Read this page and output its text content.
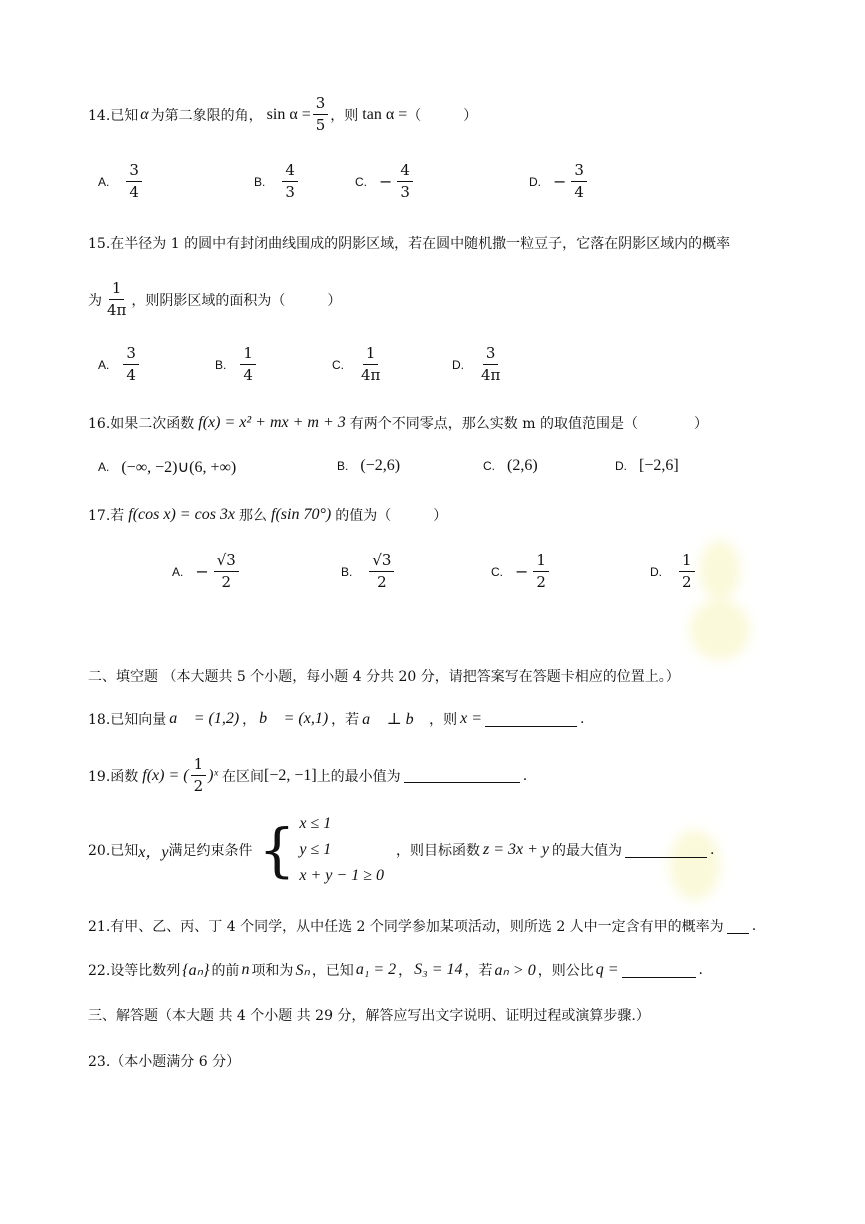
14.已知 α 为第二象限的角， $\sin \alpha = \frac{3}{5}$ ，则 tan α = （　　　）
A. $\frac{3}{4}$	B. $\frac{4}{3}$	C. − $\frac{4}{3}$	D. − $\frac{3}{4}$
15.在半径为 1 的圆中有封闭曲线围成的阴影区域，若在圆中随机撒一粒豆子，它落在阴影区域内的概率
为 $\frac{1}{4\pi}$ ，则阴影区域的面积为（　　　）
A. $\frac{3}{4}$	B. $\frac{1}{4}$	C. $\frac{1}{4\pi}$	D. $\frac{3}{4\pi}$
16.如果二次函数 f(x) = x² + mx + m + 3 有两个不同零点，那么实数 m 的取值范围是（　　　　）
A. (−∞, −2)∪(6, +∞)	B. (−2,6)	C. (2,6)	D. [−2,6]
17.若 f(cos x) = cos 3x 那么 f(sin 70°) 的值为（　　　）
A. − $\frac{√3}{2}$	B. $\frac{√3}{2}$	C. − $\frac{1}{2}$	D. $\frac{1}{2}$
二、填空题 （本大题共 5 个小题，每小题 4 分共 20 分，请把答案写在答题卡相应的位置上。）
18.已知向量 a⃗ = (1,2) ， b⃗ = (x,1) ，若 a⃗ ⊥ b⃗ ，则 x =	.
19.函数 f(x) = ( $\frac{1}{2}$ )ˣ 在区间 [−2, −1] 上的最小值为	.
20.已知 x，y 满足约束条件 { x ≤ 1
y ≤ 1
x + y − 1 ≥ 0
，则目标函数 z = 3x + y 的最大值为	.
21.有甲、乙、丙、丁 4 个同学，从中任选 2 个同学参加某项活动，则所选 2 人中一定含有甲的概率为 .
22.设等比数列 {aₙ} 的前 n 项和为 Sₙ ，已知 a₁ = 2 ， S₃ = 14 ，若 aₙ > 0 ，则公比 q =	.
三、解答题（本大题 共 4 个小题 共 29 分，解答应写出文字说明、证明过程或演算步骤.）
23.（本小题满分 6 分）
